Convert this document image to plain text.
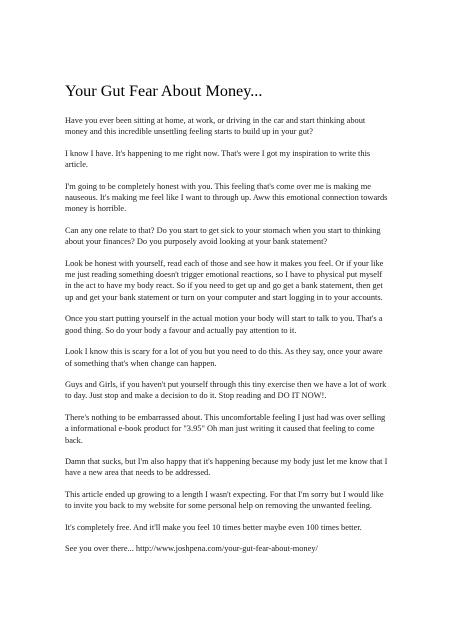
Your Gut Fear About Money...

Have you ever been sitting at home, at work, or driving in the car and start thinking about money and this incredible unsettling feeling starts to build up in your gut?

I know I have. It's happening to me right now. That's were I got my inspiration to write this article.

I'm going to be completely honest with you. This feeling that's come over me is making me nauseous. It's making me feel like I want to through up. Aww this emotional connection towards money is horrible.

Can any one relate to that? Do you start to get sick to your stomach when you start to thinking about your finances? Do you purposely avoid looking at your bank statement?

Look be honest with yourself, read each of those and see how it makes you feel. Or if your like me just reading something doesn't trigger emotional reactions, so I have to physical put myself in the act to have my body react. So if you need to get up and go get a bank statement, then get up and get your bank statement or turn on your computer and start logging in to your accounts.

Once you start putting yourself in the actual motion your body will start to talk to you. That's a good thing. So do your body a favour and actually pay attention to it.

Look I know this is scary for a lot of you but you need to do this. As they say, once your aware of something that's when change can happen.

Guys and Girls, if you haven't put yourself through this tiny exercise then we have a lot of work to day. Just stop and make a decision to do it. Stop reading and DO IT NOW!.

There's nothing to be embarrassed about. This uncomfortable feeling I just had was over selling a informational e-book product for "3.95" Oh man just writing it caused that feeling to come back.

Damn that sucks, but I'm also happy that it's happening because my body just let me know that I have a new area that needs to be addressed.

This article ended up growing to a length I wasn't expecting. For that I'm sorry but I would like to invite you back to my website for some personal help on removing the unwanted feeling.

It's completely free. And it'll make you feel 10 times better maybe even 100 times better.

See you over there... http://www.joshpena.com/your-gut-fear-about-money/
